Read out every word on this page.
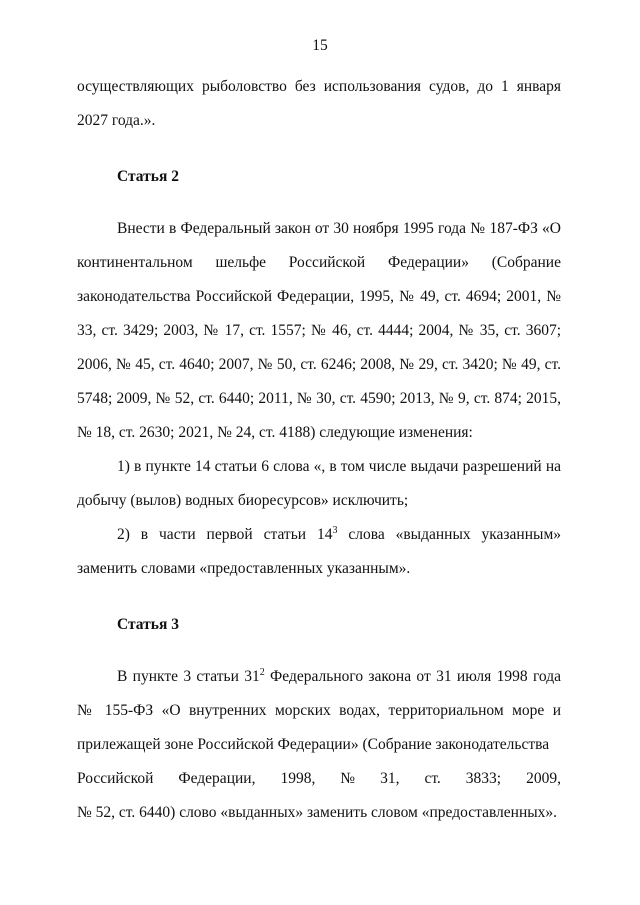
15

осуществляющих рыболовство без использования судов, до 1 января 2027 года.».

Статья 2

Внести в Федеральный закон от 30 ноября 1995 года № 187-ФЗ «О континентальном шельфе Российской Федерации» (Собрание законодательства Российской Федерации, 1995, № 49, ст. 4694; 2001, № 33, ст. 3429; 2003, № 17, ст. 1557; № 46, ст. 4444; 2004, № 35, ст. 3607; 2006, № 45, ст. 4640; 2007, № 50, ст. 6246; 2008, № 29, ст. 3420; № 49, ст. 5748; 2009, № 52, ст. 6440; 2011, № 30, ст. 4590; 2013, № 9, ст. 874; 2015, № 18, ст. 2630; 2021, № 24, ст. 4188) следующие изменения:

1) в пункте 14 статьи 6 слова «, в том числе выдачи разрешений на добычу (вылов) водных биоресурсов» исключить;

2) в части первой статьи $14^3$ слова «выданных указанным» заменить словами «предоставленных указанным».

Статья 3

В пункте 3 статьи $31^2$ Федерального закона от 31 июля 1998 года № 155-ФЗ «О внутренних морских водах, территориальном море и прилежащей зоне Российской Федерации» (Собрание законодательства

Российской Федерации, 1998, № 31, ст. 3833; 2009,

№ 52, ст. 6440) слово «выданных» заменить словом «предоставленных».
